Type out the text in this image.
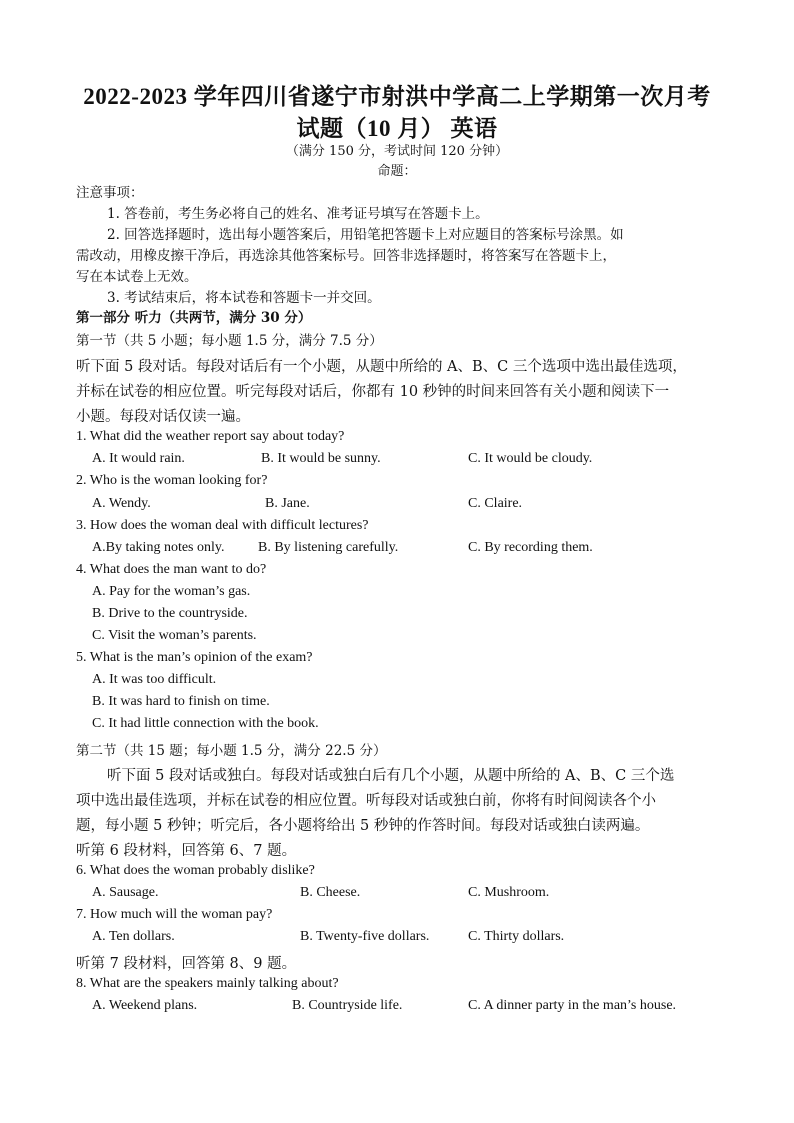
2022-2023 学年四川省遂宁市射洪中学高二上学期第一次月考
试题（10 月） 英语
（满分 150 分，考试时间 120 分钟）
命题：
注意事项：
1. 答卷前，考生务必将自己的姓名、准考证号填写在答题卡上。
2. 回答选择题时，选出每小题答案后，用铅笔把答题卡上对应题目的答案标号涂黑。如
需改动，用橡皮擦干净后，再选涂其他答案标号。回答非选择题时，将答案写在答题卡上，
写在本试卷上无效。
3. 考试结束后，将本试卷和答题卡一并交回。
第一部分 听力（共两节，满分 30 分）
第一节（共 5 小题；每小题 1.5 分，满分 7.5 分）
听下面 5 段对话。每段对话后有一个小题，从题中所给的 A、B、C 三个选项中选出最佳选项，
并标在试卷的相应位置。听完每段对话后，你都有 10 秒钟的时间来回答有关小题和阅读下一
小题。每段对话仅读一遍。
1. What did the weather report say about today?
A. It would rain.	B. It would be sunny.	C. It would be cloudy.
2. Who is the woman looking for?
A. Wendy.	B. Jane.	C. Claire.
3. How does the woman deal with difficult lectures?
A.By taking notes only. B. By listening carefully.	C. By recording them.
4. What does the man want to do?
A. Pay for the woman’s gas.
B. Drive to the countryside.
C. Visit the woman’s parents.
5. What is the man’s opinion of the exam?
A. It was too difficult.
B. It was hard to finish on time.
C. It had little connection with the book.
第二节（共 15 题；每小题 1.5 分，满分 22.5 分）
听下面 5 段对话或独白。每段对话或独白后有几个小题，从题中所给的 A、B、C 三个选
项中选出最佳选项，并标在试卷的相应位置。听每段对话或独白前，你将有时间阅读各个小
题，每小题 5 秒钟；听完后，各小题将给出 5 秒钟的作答时间。每段对话或独白读两遍。
听第 6 段材料，回答第 6、7 题。
6. What does the woman probably dislike?
A. Sausage.	B. Cheese.	C. Mushroom.
7. How much will the woman pay?
A. Ten dollars.	B. Twenty-five dollars.	C. Thirty dollars.
听第 7 段材料，回答第 8、9 题。
8. What are the speakers mainly talking about?
A. Weekend plans.	B. Countryside life.	C. A dinner party in the man’s house.
